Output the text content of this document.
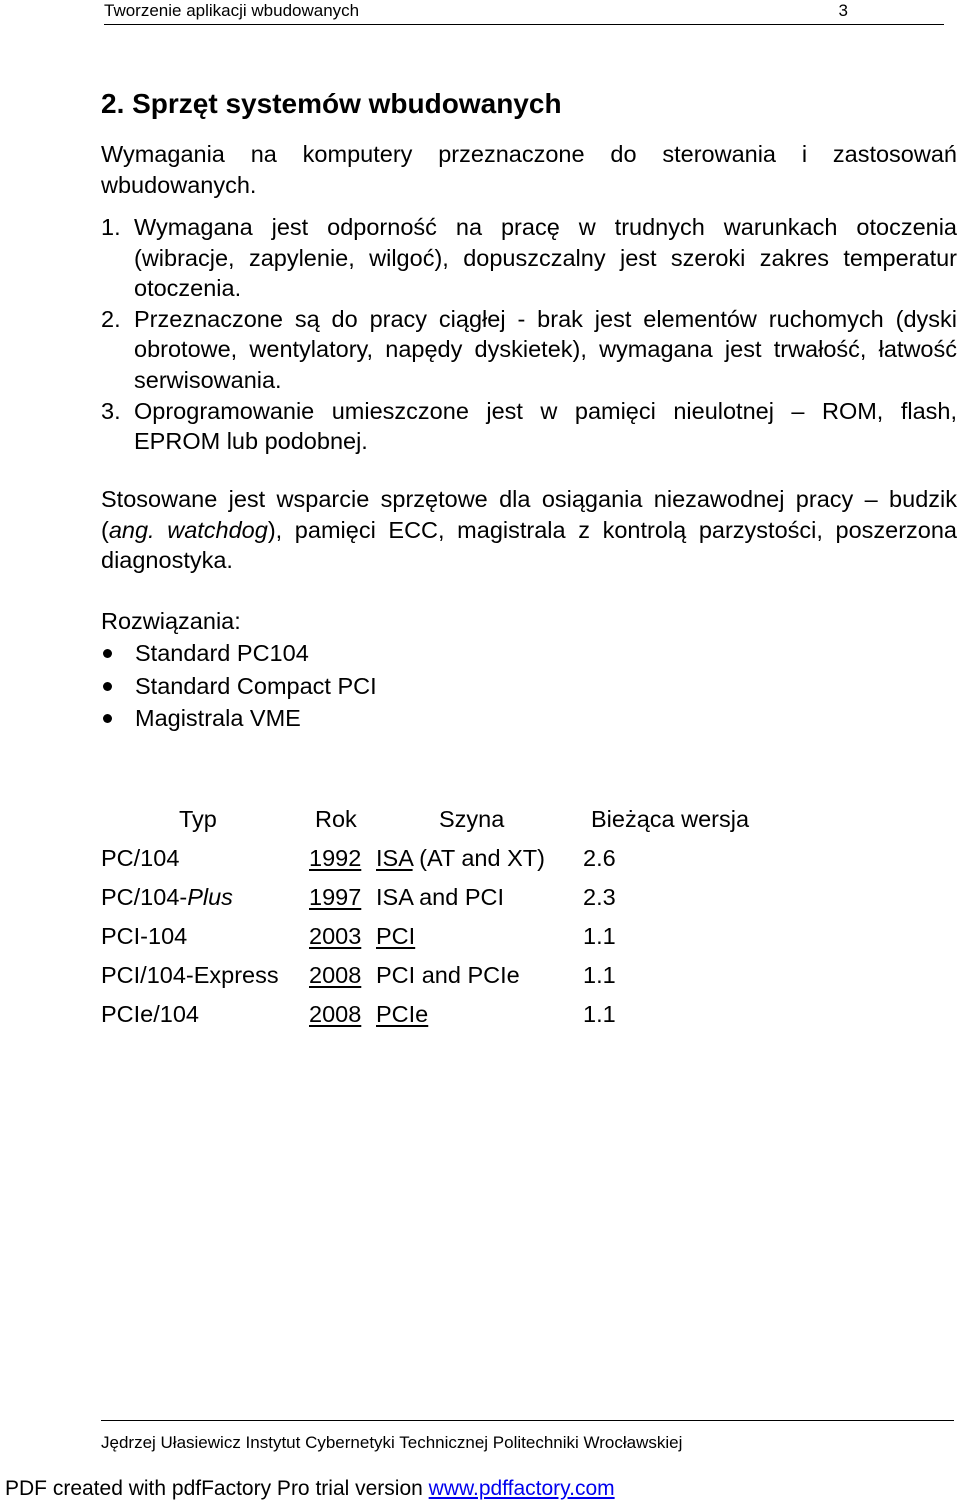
Tworzenie aplikacji wbudowanych	3
2. Sprzęt systemów wbudowanych
Wymagania na komputery przeznaczone do sterowania i zastosowań wbudowanych.
1. Wymagana jest odporność na pracę w trudnych warunkach otoczenia (wibracje, zapylenie, wilgoć), dopuszczalny jest szeroki zakres temperatur otoczenia.
2. Przeznaczone są do pracy ciągłej - brak jest elementów ruchomych (dyski obrotowe, wentylatory, napędy dyskietek), wymagana jest trwałość, łatwość serwisowania.
3. Oprogramowanie umieszczone jest w pamięci nieulotnej – ROM, flash, EPROM lub podobnej.
Stosowane jest wsparcie sprzętowe dla osiągania niezawodnej pracy – budzik (ang. watchdog), pamięci ECC, magistrala z kontrolą parzystości, poszerzona diagnostyka.
Rozwiązania:
Standard PC104
Standard Compact PCI
Magistrala VME
Typ	Rok	Szyna	Bieżąca wersja
PC/104	1992 ISA (AT and XT) 2.6
PC/104-Plus	1997 ISA and PCI	2.3
PCI-104	2003 PCI	1.1
PCI/104-Express 2008 PCI and PCIe	1.1
PCIe/104	2008 PCIe	1.1
Jędrzej Ułasiewicz Instytut Cybernetyki Technicznej Politechniki Wrocławskiej
PDF created with pdfFactory Pro trial version www.pdffactory.com
